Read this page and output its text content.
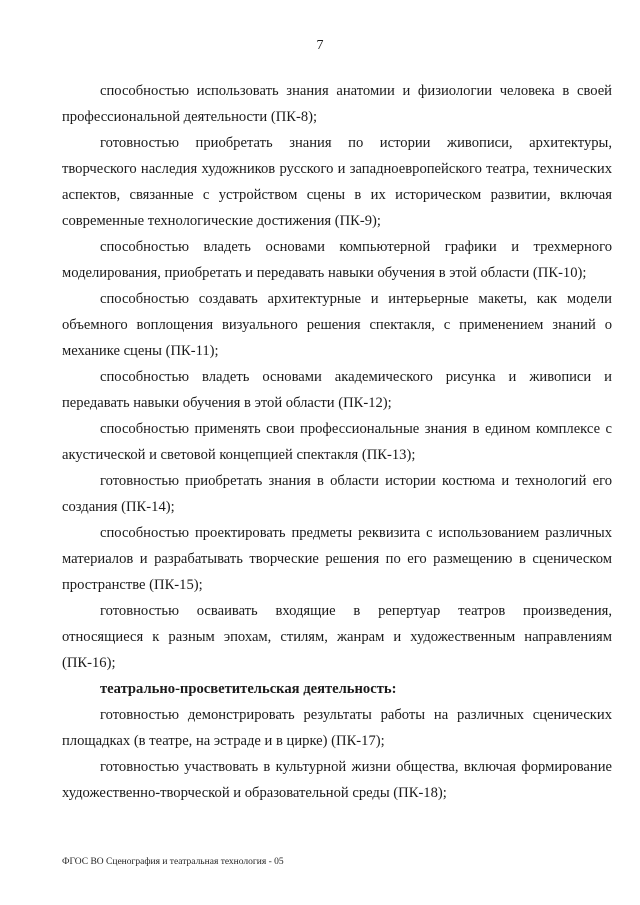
7

способностью использовать знания анатомии и физиологии человека в своей профессиональной деятельности (ПК-8);

готовностью приобретать знания по истории живописи, архитектуры, творческого наследия художников русского и западноевропейского театра, технических аспектов, связанные с устройством сцены в их историческом развитии, включая современные технологические достижения (ПК-9);

способностью владеть основами компьютерной графики и трехмерного моделирования, приобретать и передавать навыки обучения в этой области (ПК-10);

способностью создавать архитектурные и интерьерные макеты, как модели объемного воплощения визуального решения спектакля, с применением знаний о механике сцены (ПК-11);

способностью владеть основами академического рисунка и живописи и передавать навыки обучения в этой области (ПК-12);

способностью применять свои профессиональные знания в едином комплексе с акустической и световой концепцией спектакля (ПК-13);

готовностью приобретать знания в области истории костюма и технологий его создания (ПК-14);

способностью проектировать предметы реквизита с использованием различных материалов и разрабатывать творческие решения по его размещению в сценическом пространстве (ПК-15);

готовностью осваивать входящие в репертуар театров произведения, относящиеся к разным эпохам, стилям, жанрам и художественным направлениям (ПК-16);

театрально-просветительская деятельность:

готовностью демонстрировать результаты работы на различных сценических площадках (в театре, на эстраде и в цирке) (ПК-17);

готовностью участвовать в культурной жизни общества, включая формирование художественно-творческой и образовательной среды (ПК-18);

ФГОС ВО Сценография и театральная технология - 05
